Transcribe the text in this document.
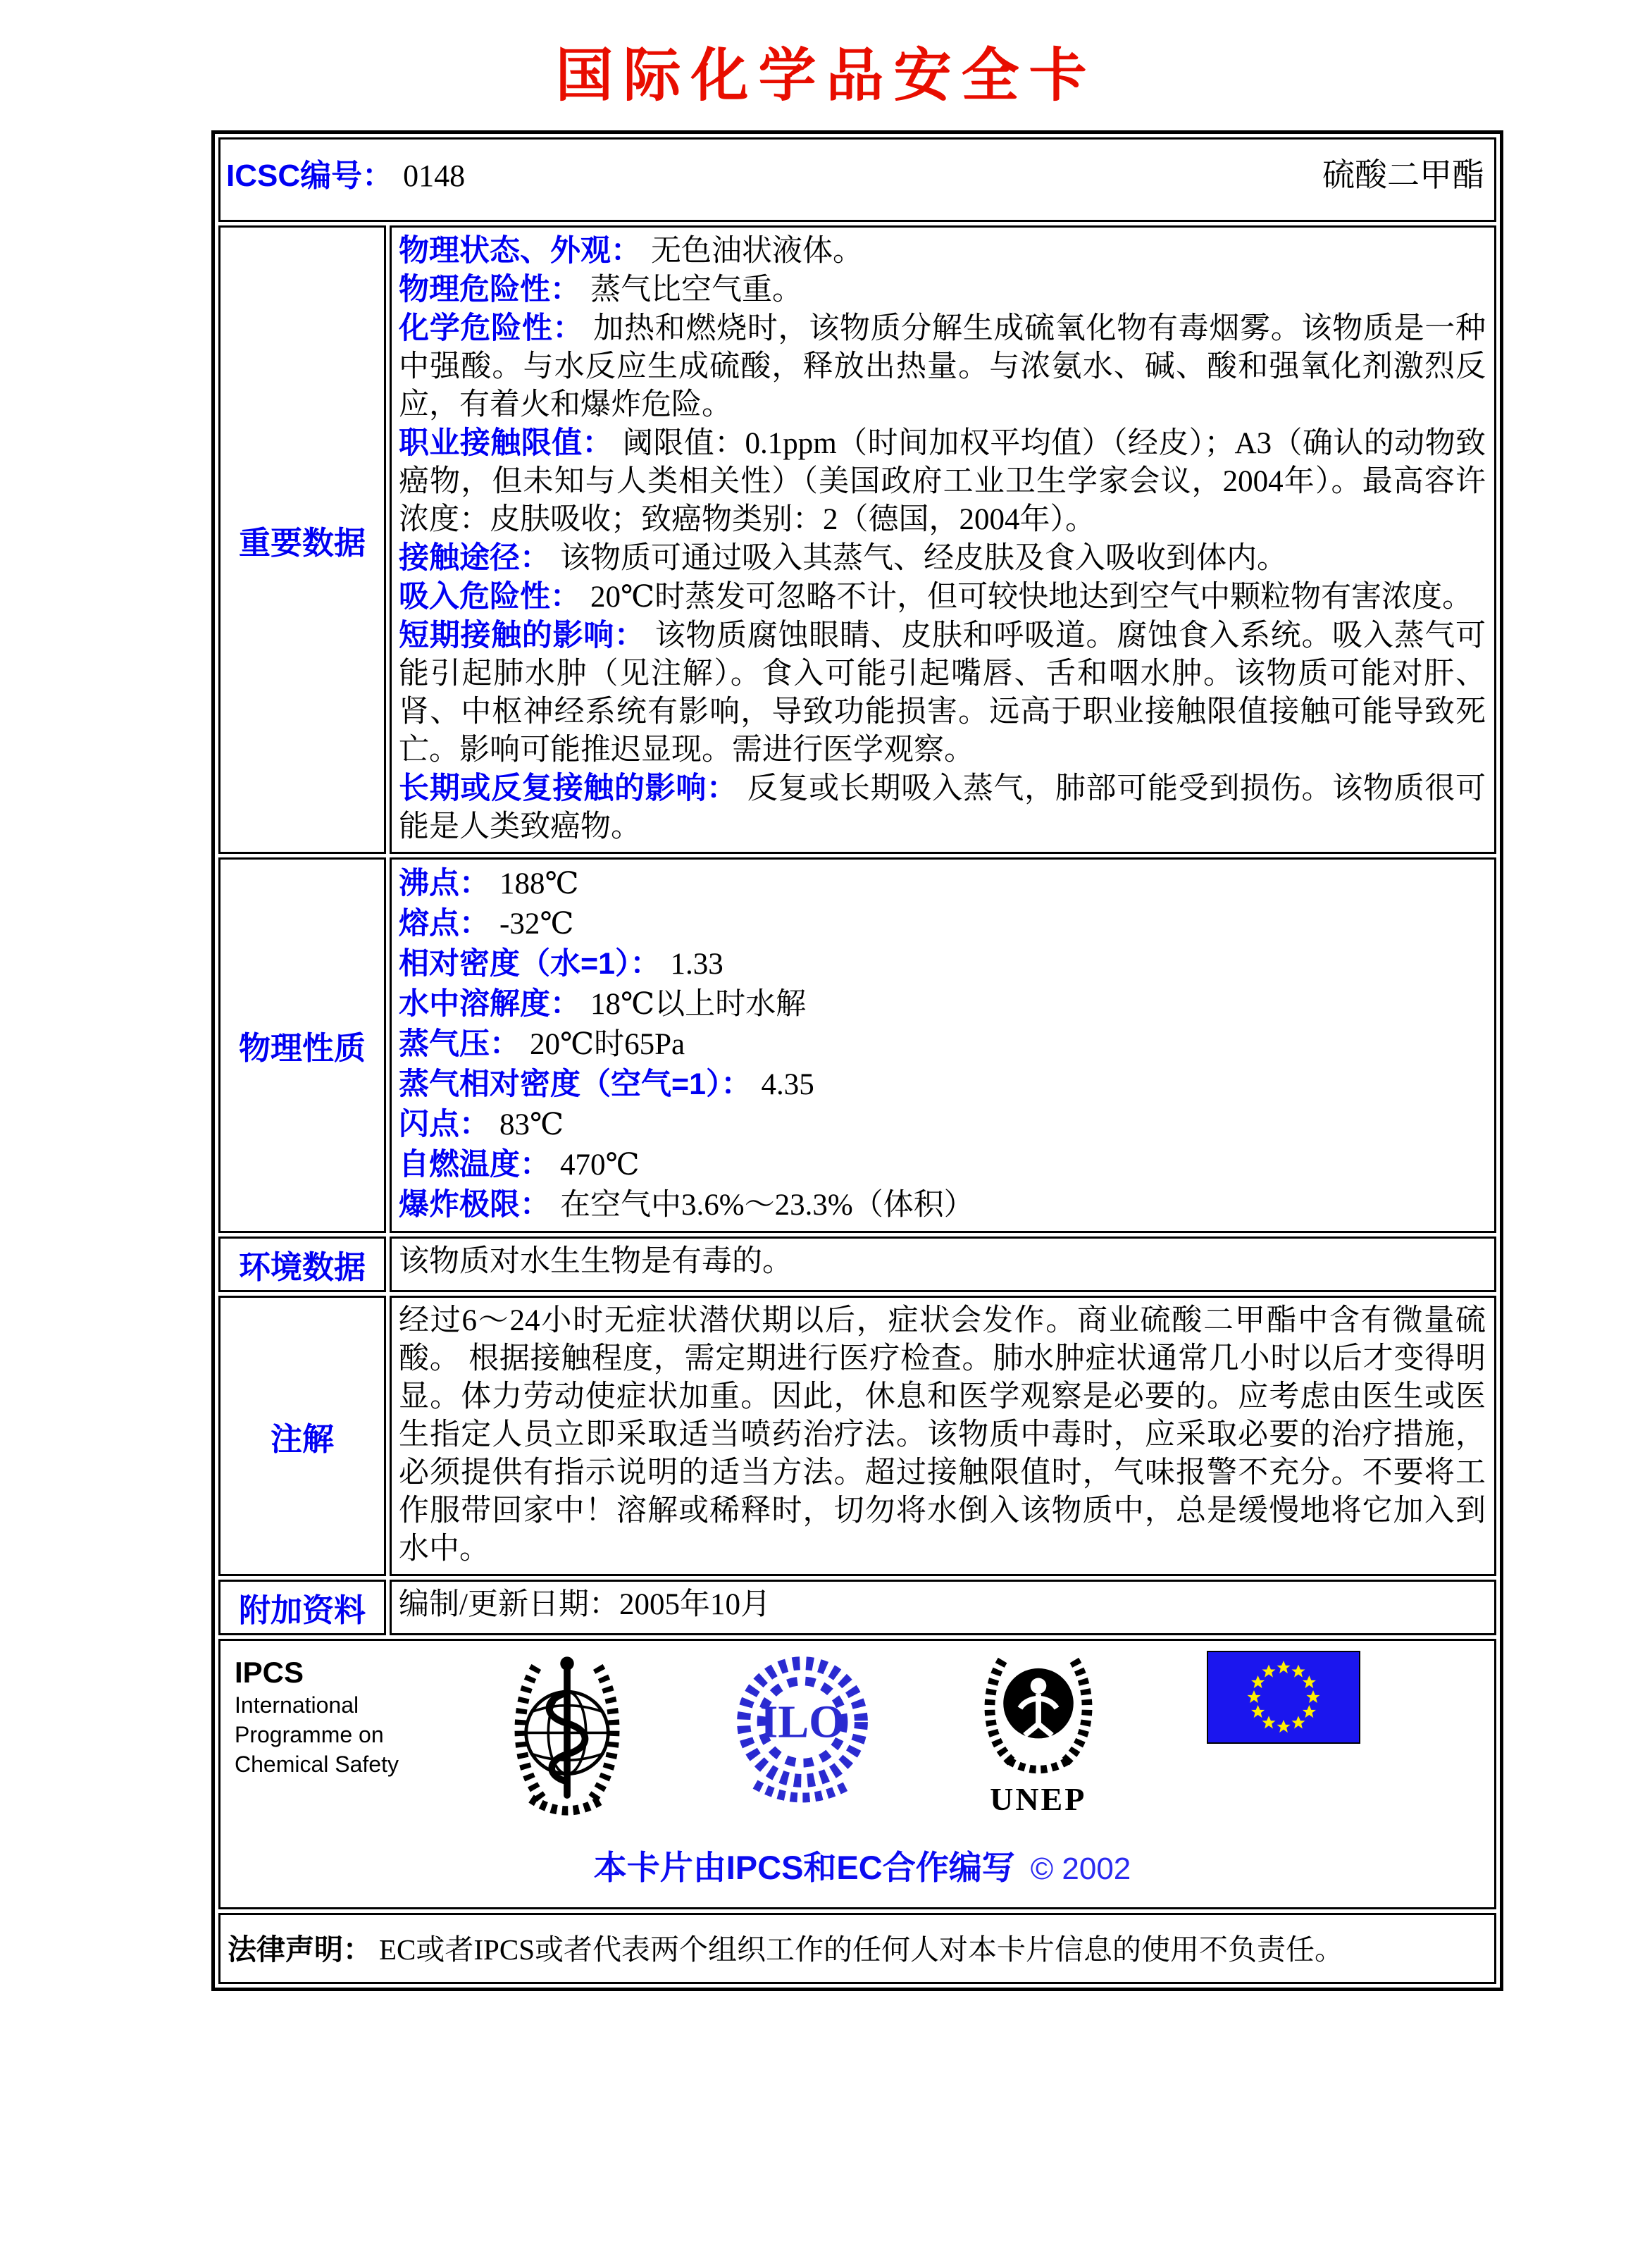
国际化学品安全卡
ICSC编号： 0148 硫酸二甲酯	

重要数据	
物理状态、外观： 无色油状液体。
物理危险性： 蒸气比空气重。
化学危险性： 加热和燃烧时，该物质分解生成硫氧化物有毒烟雾。该物质是一种中强酸。与水反应生成硫酸，释放出热量。与浓氨水、碱、酸和强氧化剂激烈反应，有着火和爆炸危险。
职业接触限值： 阈限值：0.1ppm（时间加权平均值）（经皮）；A3（确认的动物致癌物，但未知与人类相关性）（美国政府工业卫生学家会议，2004年）。最高容许浓度：皮肤吸收；致癌物类别：2（德国，2004年）。
接触途径： 该物质可通过吸入其蒸气、经皮肤及食入吸收到体内。
吸入危险性： 20℃时蒸发可忽略不计，但可较快地达到空气中颗粒物有害浓度。
短期接触的影响： 该物质腐蚀眼睛、皮肤和呼吸道。腐蚀食入系统。吸入蒸气可能引起肺水肿（见注解）。食入可能引起嘴唇、舌和咽水肿。该物质可能对肝、肾、中枢神经系统有影响，导致功能损害。远高于职业接触限值接触可能导致死亡。影响可能推迟显现。需进行医学观察。
长期或反复接触的影响： 反复或长期吸入蒸气，肺部可能受到损伤。该物质很可能是人类致癌物。

物理性质	
沸点： 188℃
熔点： -32℃
相对密度（水=1）： 1.33
水中溶解度： 18℃以上时水解
蒸气压： 20℃时65Pa
蒸气相对密度（空气=1）： 4.35
闪点： 83℃
自燃温度： 470℃
爆炸极限： 在空气中3.6%～23.3%（体积）

环境数据	该物质对水生生物是有毒的。
注解	经过6～24小时无症状潜伏期以后，症状会发作。商业硫酸二甲酯中含有微量硫酸。 根据接触程度，需定期进行医疗检查。肺水肿症状通常几小时以后才变得明显。体力劳动使症状加重。因此，休息和医学观察是必要的。应考虑由医生或医生指定人员立即采取适当喷药治疗法。该物质中毒时，应采取必要的治疗措施，必须提供有指示说明的适当方法。超过接触限值时，气味报警不充分。不要将工作服带回家中！溶解或稀释时，切勿将水倒入该物质中，总是缓慢地将它加入到水中。

附加资料	编制/更新日期：2005年10月

IPCS
International
Programme on
Chemical Safety
ILO
UNEP
本卡片由IPCS和EC合作编写 © 2002

法律声明： EC或者IPCS或者代表两个组织工作的任何人对本卡片信息的使用不负责任。	
